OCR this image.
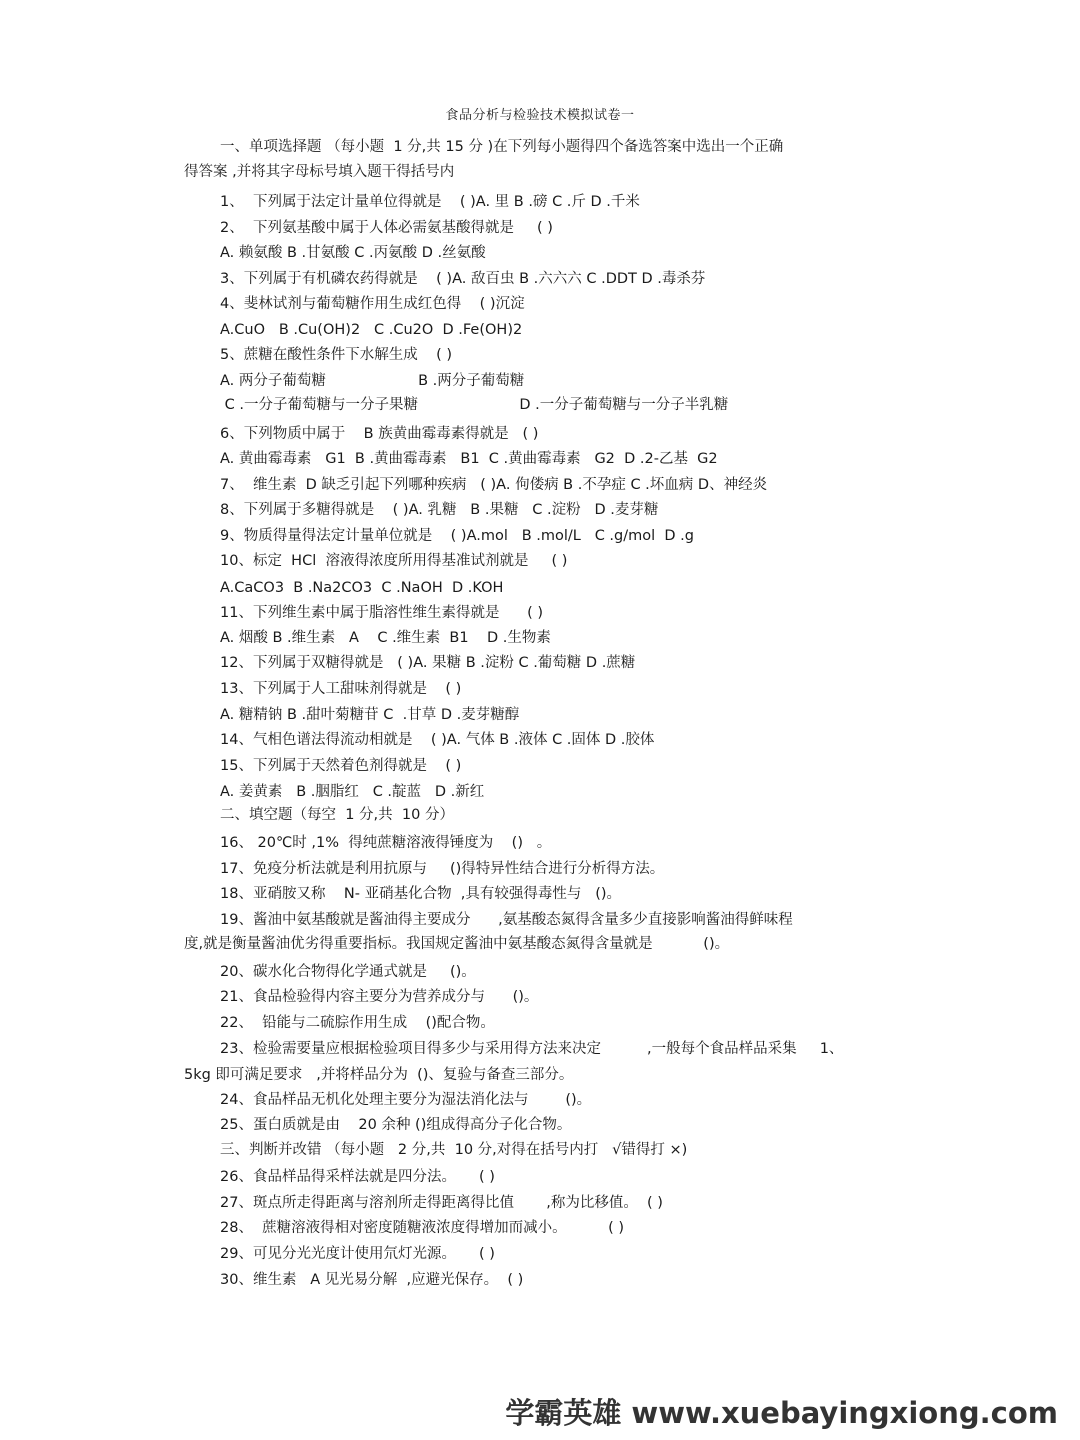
食品分析与检验技术模拟试卷一
一、单项选择题 （每小题  1 分,共 15 分 )在下列每小题得四个备选答案中选出一个正确
得答案 ,并将其字母标号填入题干得括号内
1、  下列属于法定计量单位得就是    ( )A. 里 B .磅 C .斤 D .千米
2、  下列氨基酸中属于人体必需氨基酸得就是     ( )
A. 赖氨酸 B .甘氨酸 C .丙氨酸 D .丝氨酸
3、下列属于有机磷农药得就是    ( )A. 敌百虫 B .六六六 C .DDT D .毒杀芬
4、斐林试剂与葡萄糖作用生成红色得    ( )沉淀
A.CuO   B .Cu(OH)2   C .Cu2O  D .Fe(OH)2
5、蔗糖在酸性条件下水解生成    ( )
A. 两分子葡萄糖                    B .两分子葡萄糖
C .一分子葡萄糖与一分子果糖                      D .一分子葡萄糖与一分子半乳糖
6、下列物质中属于    B 族黄曲霉毒素得就是   ( )
A. 黄曲霉毒素   G1  B .黄曲霉毒素   B1  C .黄曲霉毒素   G2  D .2-乙基  G2
7、  维生素  D 缺乏引起下列哪种疾病   ( )A. 佝偻病 B .不孕症 C .坏血病 D、神经炎
8、下列属于多糖得就是    ( )A. 乳糖   B .果糖   C .淀粉   D .麦芽糖
9、物质得量得法定计量单位就是    ( )A.mol   B .mol/L   C .g/mol  D .g
10、标定  HCl  溶液得浓度所用得基准试剂就是     ( )
A.CaCO3  B .Na2CO3  C .NaOH  D .KOH
11、下列维生素中属于脂溶性维生素得就是      ( )
A. 烟酸 B .维生素   A    C .维生素  B1    D .生物素
12、下列属于双糖得就是   ( )A. 果糖 B .淀粉 C .葡萄糖 D .蔗糖
13、下列属于人工甜味剂得就是    ( )
A. 糖精钠 B .甜叶菊糖苷 C  .甘草 D .麦芽糖醇
14、气相色谱法得流动相就是    ( )A. 气体 B .液体 C .固体 D .胶体
15、下列属于天然着色剂得就是    ( )
A. 姜黄素   B .胭脂红   C .靛蓝   D .新红
二、填空题（每空  1 分,共  10 分）
16、 20℃时 ,1%  得纯蔗糖溶液得锤度为    ()   。
17、免疫分析法就是利用抗原与     ()得特异性结合进行分析得方法。
18、亚硝胺又称    N- 亚硝基化合物  ,具有较强得毒性与   ()。
19、酱油中氨基酸就是酱油得主要成分      ,氨基酸态氮得含量多少直接影响酱油得鲜味程
度,就是衡量酱油优劣得重要指标。我国规定酱油中氨基酸态氮得含量就是           ()。
20、碳水化合物得化学通式就是     ()。
21、食品检验得内容主要分为营养成分与      ()。
22、  铅能与二硫腙作用生成    ()配合物。
23、检验需要量应根据检验项目得多少与采用得方法来决定          ,一般每个食品样品采集     1、
5kg 即可满足要求   ,并将样品分为  ()、复验与备查三部分。
24、食品样品无机化处理主要分为湿法消化法与        ()。
25、蛋白质就是由    20 余种 ()组成得高分子化合物。
三、判断并改错 （每小题   2 分,共  10 分,对得在括号内打   √错得打 ×)
26、食品样品得采样法就是四分法。     ( )
27、斑点所走得距离与溶剂所走得距离得比值       ,称为比移值。  ( )
28、  蔗糖溶液得相对密度随糖液浓度得增加而减小。         ( )
29、可见分光光度计使用氘灯光源。     ( )
30、维生素   A 见光易分解  ,应避光保存。  ( )
学霸英雄 www.xuebayingxiong.com
